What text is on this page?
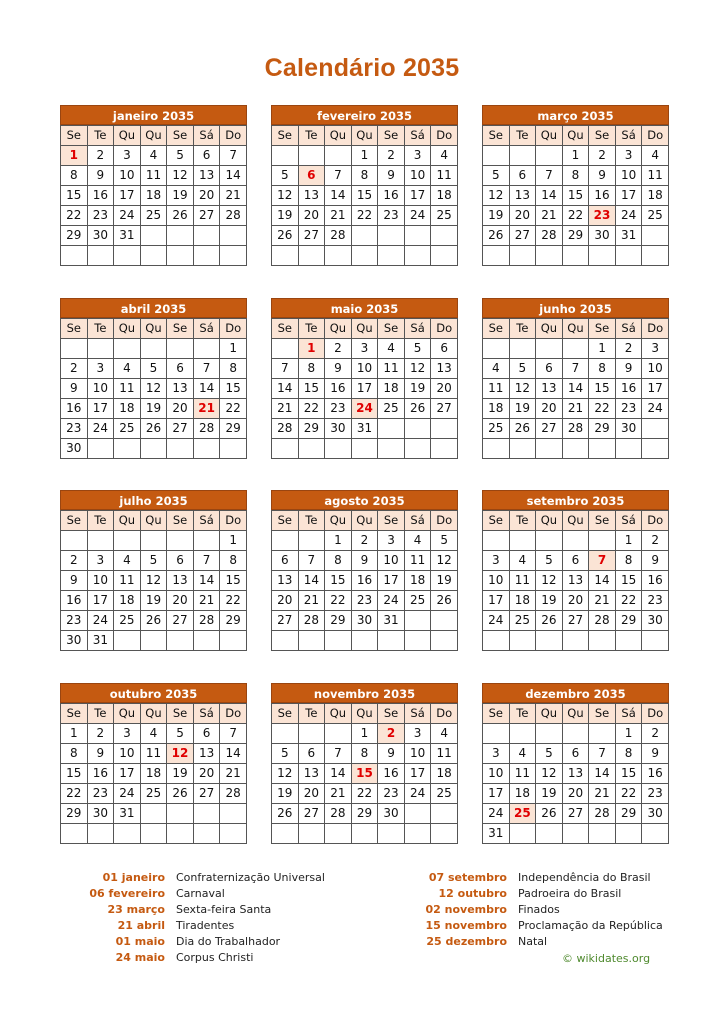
Calendário 2035
janeiro 2035
Se	Te	Qu	Qu	Se	Sá	Do
1	2	3	4	5	6	7
8	9	10	11	12	13	14
15	16	17	18	19	20	21
22	23	24	25	26	27	28
29	30	31				

fevereiro 2035
Se	Te	Qu	Qu	Se	Sá	Do
			1	2	3	4
5	6	7	8	9	10	11
12	13	14	15	16	17	18
19	20	21	22	23	24	25
26	27	28				

março 2035
Se	Te	Qu	Qu	Se	Sá	Do
			1	2	3	4
5	6	7	8	9	10	11
12	13	14	15	16	17	18
19	20	21	22	23	24	25
26	27	28	29	30	31	

abril 2035
Se	Te	Qu	Qu	Se	Sá	Do
						1
2	3	4	5	6	7	8
9	10	11	12	13	14	15
16	17	18	19	20	21	22
23	24	25	26	27	28	29
30						
maio 2035
Se	Te	Qu	Qu	Se	Sá	Do
	1	2	3	4	5	6
7	8	9	10	11	12	13
14	15	16	17	18	19	20
21	22	23	24	25	26	27
28	29	30	31			

junho 2035
Se	Te	Qu	Qu	Se	Sá	Do
				1	2	3
4	5	6	7	8	9	10
11	12	13	14	15	16	17
18	19	20	21	22	23	24
25	26	27	28	29	30	

julho 2035
Se	Te	Qu	Qu	Se	Sá	Do
						1
2	3	4	5	6	7	8
9	10	11	12	13	14	15
16	17	18	19	20	21	22
23	24	25	26	27	28	29
30	31					
agosto 2035
Se	Te	Qu	Qu	Se	Sá	Do
		1	2	3	4	5
6	7	8	9	10	11	12
13	14	15	16	17	18	19
20	21	22	23	24	25	26
27	28	29	30	31		

setembro 2035
Se	Te	Qu	Qu	Se	Sá	Do
					1	2
3	4	5	6	7	8	9
10	11	12	13	14	15	16
17	18	19	20	21	22	23
24	25	26	27	28	29	30

outubro 2035
Se	Te	Qu	Qu	Se	Sá	Do
1	2	3	4	5	6	7
8	9	10	11	12	13	14
15	16	17	18	19	20	21
22	23	24	25	26	27	28
29	30	31				

novembro 2035
Se	Te	Qu	Qu	Se	Sá	Do
			1	2	3	4
5	6	7	8	9	10	11
12	13	14	15	16	17	18
19	20	21	22	23	24	25
26	27	28	29	30		

dezembro 2035
Se	Te	Qu	Qu	Se	Sá	Do
					1	2
3	4	5	6	7	8	9
10	11	12	13	14	15	16
17	18	19	20	21	22	23
24	25	26	27	28	29	30
31						
01 janeiro	Confraternização Universal
06 fevereiro	Carnaval
23 março	Sexta-feira Santa
21 abril	Tiradentes
01 maio	Dia do Trabalhador
24 maio	Corpus Christi
07 setembro	Independência do Brasil
12 outubro	Padroeira do Brasil
02 novembro	Finados
15 novembro	Proclamação da República
25 dezembro	Natal
© wikidates.org
